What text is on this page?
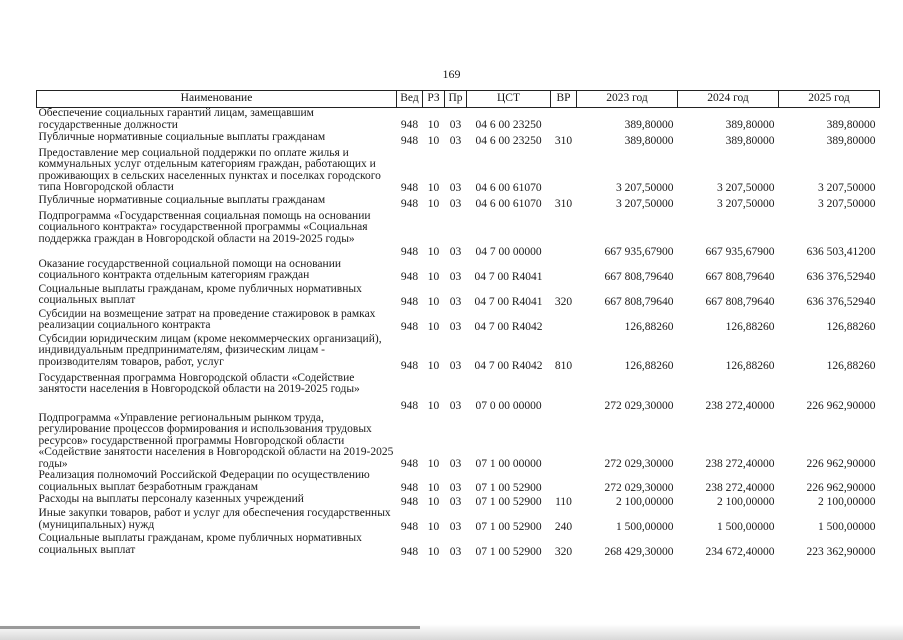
169
Наименование	Вед	РЗ	Пр	ЦСТ	ВР	2023 год	2024 год	2025 год
Обеспечение социальных гарантий лицам, замещавшим государственные должности	948	10	03	04 6 00 23250		389,80000	389,80000	389,80000
Публичные нормативные социальные выплаты гражданам	948	10	03	04 6 00 23250	310	389,80000	389,80000	389,80000
Предоставление мер социальной поддержки по оплате жилья и коммунальных услуг отдельным категориям граждан, работающих и проживающих в сельских населенных пунктах и поселках городского типа Новгородской области	948	10	03	04 6 00 61070		3 207,50000	3 207,50000	3 207,50000
Публичные нормативные социальные выплаты гражданам	948	10	03	04 6 00 61070	310	3 207,50000	3 207,50000	3 207,50000
Подпрограмма «Государственная социальная помощь на основании социального контракта» государственной программы «Социальная поддержка граждан в Новгородской области на 2019-2025 годы»	948	10	03	04 7 00 00000		667 935,67900	667 935,67900	636 503,41200
Оказание государственной социальной помощи на основании социального контракта отдельным категориям граждан	948	10	03	04 7 00 R4041		667 808,79640	667 808,79640	636 376,52940
Социальные выплаты гражданам, кроме публичных нормативных социальных выплат	948	10	03	04 7 00 R4041	320	667 808,79640	667 808,79640	636 376,52940
Субсидии на возмещение затрат на проведение стажировок в рамках реализации социального контракта	948	10	03	04 7 00 R4042		126,88260	126,88260	126,88260
Субсидии юридическим лицам (кроме некоммерческих организаций), индивидуальным предпринимателям, физическим лицам - производителям товаров, работ, услуг	948	10	03	04 7 00 R4042	810	126,88260	126,88260	126,88260
Государственная программа Новгородской области «Содействие занятости населения в Новгородской области на 2019-2025 годы»	948	10	03	07 0 00 00000		272 029,30000	238 272,40000	226 962,90000
Подпрограмма «Управление региональным рынком труда, регулирование процессов формирования и использования трудовых ресурсов» государственной программы Новгородской области «Содействие занятости населения в Новгородской области на 2019-2025 годы»	948	10	03	07 1 00 00000		272 029,30000	238 272,40000	226 962,90000
Реализация полномочий Российской Федерации по осуществлению социальных выплат безработным гражданам	948	10	03	07 1 00 52900		272 029,30000	238 272,40000	226 962,90000
Расходы на выплаты персоналу казенных учреждений	948	10	03	07 1 00 52900	110	2 100,00000	2 100,00000	2 100,00000
Иные закупки товаров, работ и услуг для обеспечения государственных (муниципальных) нужд	948	10	03	07 1 00 52900	240	1 500,00000	1 500,00000	1 500,00000
Социальные выплаты гражданам, кроме публичных нормативных социальных выплат	948	10	03	07 1 00 52900	320	268 429,30000	234 672,40000	223 362,90000
